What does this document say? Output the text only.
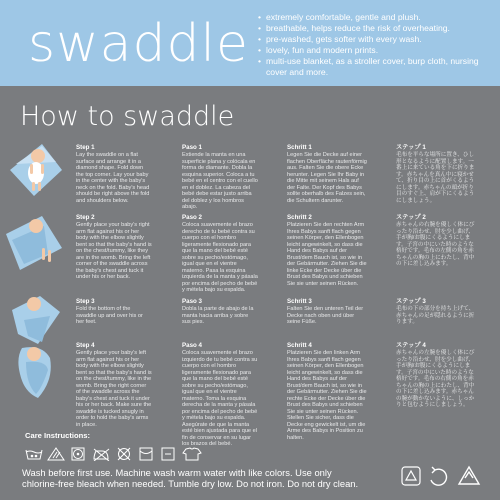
swaddle
•	extremely comfortable, gentle and plush.
• breathable, helps reduce the risk of overheating.
• pre-washed, gets softer with every wash.
• lovely, fun and modern prints.
• multi-use blanket, as a stroller cover, burp cloth, nursing cover and more.
How to swaddle
Step 1
Lay the swaddle on a flat surface and arrange it in a diamond shape. Fold down the top corner. Lay your baby in the center with the baby's neck on the fold. Baby's head should be right above the fold and shoulders below.
Paso 1
Extiende la manta en una superficie plana y colócala en forma de diamante. Dobla la esquina superior. Coloca a tu bebé en el centro con el cuello en el doblez. La cabeza del bebé debe estar justo arriba del doblez y los hombros abajo.
Schritt 1
Legen Sie die Decke auf einer flachen Oberfläche rautenförmig aus. Falten Sie die obere Ecke herunter. Legen Sie Ihr Baby in die Mitte mit seinem Hals auf der Falte. Der Kopf des Babys sollte oberhalb des Falzes sein, die Schultern darunter.
ステップ 1
毛布を平らな場所に置き、ひし形となるように配置します。一番上に来ている角を下に折ります。赤ちゃんを真ん中に寝かせて、折り目の上に首がくるようにします。赤ちゃんの頭が折り目のすぐ上、肩が下にくるようにしましょう。
Step 2
Gently place your baby's right arm flat against his or her body with the elbow slightly bent so that the baby's hand is on the chest/tummy, like they are in the womb. Bring the left corner of the swaddle across the baby's chest and tuck it under his or her back.
Paso 2
Coloca suavemente el brazo derecho de tu bebé contra su cuerpo con el hombro ligeramente flexionado para que la mano del bebé esté sobre su pecho/estómago, igual que en el vientre materno. Pasa la esquina izquierda de la manta y pásala por encima del pecho de bebé y métela bajo su espalda.
Schritt 2
Platzieren Sie den rechten Arm Ihres Babys sanft flach gegen seinen Körper, den Ellenbogen leicht angewinkelt, so dass die Hand des Babys auf der Brust/dem Bauch ist, so wie in der Gebärmutter. Ziehen Sie die linke Ecke der Decke über die Brust des Babys und schieben Sie sie unter seinen Rücken.
ステップ 2
赤ちゃんの右腕を優しく体にぴったり沿わせ、肘を少し曲げ、手が胸/お腹にくるようにします。子宮の中にいた時のような格好です。毛布の左側の角を赤ちゃんの胸の上にわたし、背中の下に差し込みます。
Step 3
Fold the bottom of the swaddle up and over his or her feet.
Paso 3
Dobla la parte de abajo de la manta hacia arriba y sobre sus pies.
Schritt 3
Falten Sie den unteren Teil der Decke nach oben und über seine Füße.
ステップ 3
毛布の下の部分を持ち上げて、赤ちゃんの足が隠れるように折ります。
Step 4
Gently place your baby's left arm flat against his or her body with the elbow slightly bent so that the baby's hand is on the chest/tummy, like in the womb. Bring the right corner of the swaddle across the baby's chest and tuck it under his or her back. Make sure the swaddle is tucked snugly in order to hold the baby's arms in place.
Paso 4
Coloca suavemente el brazo izquierdo de tu bebé contra su cuerpo con el hombro ligeramente flexionado para que la mano del bebé esté sobre su pecho/estómago, igual que en el vientre materno. Toma la esquina derecha de la manta y pásala por encima del pecho de bebé y métela bajo su espalda. Asegúrate de que la manta esté bien ajustada para que el fin de conservar en su lugar los brazos del bebé.
Schritt 4
Platzieren Sie den linken Arm Ihres Babys sanft flach gegen seinen Körper, den Ellenbogen leicht angewinkelt, so dass die Hand des Babys auf der Brust/dem Bauch ist, so wie in der Gebärmutter. Ziehen Sie die rechte Ecke der Decke über die Brust des Babys und schieben Sie sie unter seinen Rücken. Stellen Sie sicher, dass die Decke eng gewickelt ist, um die Arme des Babys in Position zu halten.
ステップ 4
赤ちゃんの左腕を優しく体にぴったり沿わせ、肘を少し曲げ、手が胸/お腹にくるようにします。子宮の中にいた時のような格好です。毛布の右側の角を赤ちゃんの胸の上にわたし、背中の下に差し込みます。赤ちゃんの腕が動かないように、しっかりと包むようにしましょう。
Care Instructions:
Wash before first use. Machine wash warm water with like colors. Use only chlorine-free bleach when needed. Tumble dry low. Do not iron. Do not dry clean.
